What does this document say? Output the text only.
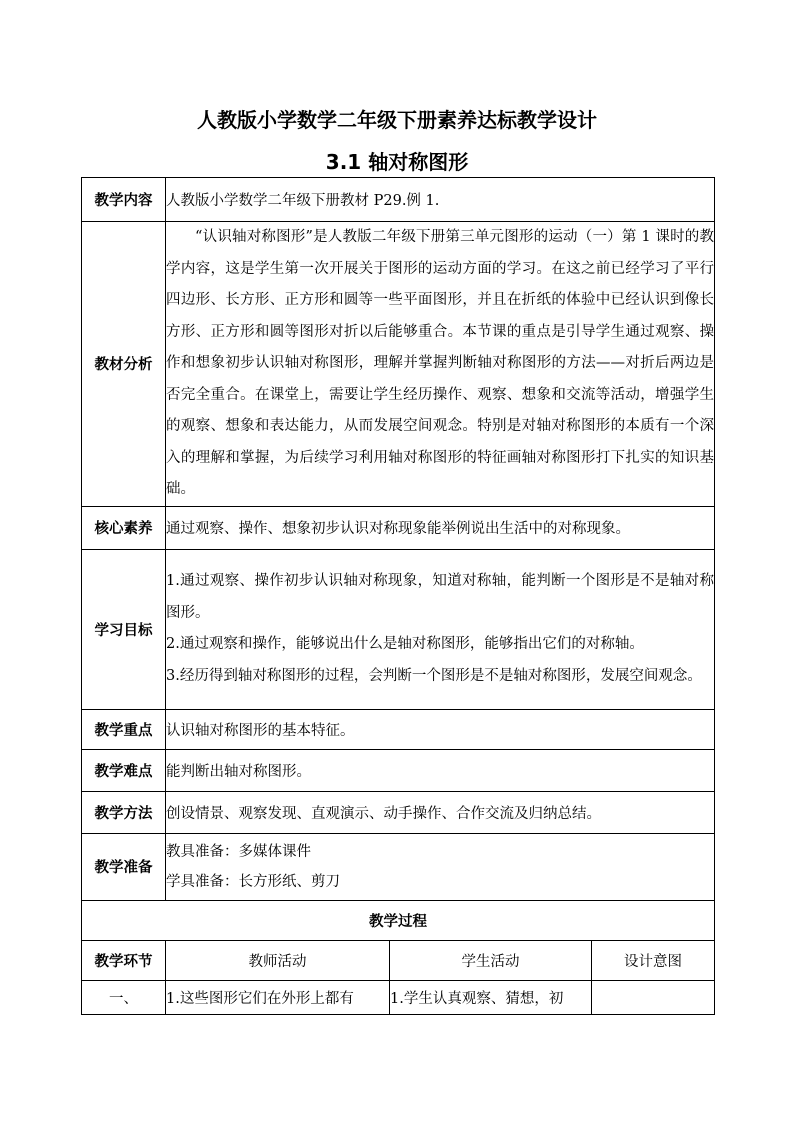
人教版小学数学二年级下册素养达标教学设计
3.1 轴对称图形
教学内容	人教版小学数学二年级下册教材 P29.例 1.		
教材分析	“认识轴对称图形”是人教版二年级下册第三单元图形的运动（一）第 1 课时的教学内容，这是学生第一次开展关于图形的运动方面的学习。在这之前已经学习了平行四边形、长方形、正方形和圆等一些平面图形，并且在折纸的体验中已经认识到像长方形、正方形和圆等图形对折以后能够重合。本节课的重点是引导学生通过观察、操作和想象初步认识轴对称图形，理解并掌握判断轴对称图形的方法——对折后两边是否完全重合。在课堂上，需要让学生经历操作、观察、想象和交流等活动，增强学生的观察、想象和表达能力，从而发展空间观念。特别是对轴对称图形的本质有一个深入的理解和掌握，为后续学习利用轴对称图形的特征画轴对称图形打下扎实的知识基础。		

核心素养	通过观察、操作、想象初步认识对称现象能举例说出生活中的对称现象。		
学习目标	1.通过观察、操作初步认识轴对称现象，知道对称轴，能判断一个图形是不是轴对称图形。
2.通过观察和操作，能够说出什么是轴对称图形，能够指出它们的对称轴。
3.经历得到轴对称图形的过程，会判断一个图形是不是轴对称图形，发展空间观念。		

教学重点	认识轴对称图形的基本特征。		
教学难点	能判断出轴对称图形。		
教学方法	创设情景、观察发现、直观演示、动手操作、合作交流及归纳总结。		
教学准备	教具准备：多媒体课件
学具准备：长方形纸、剪刀		

教学过程			
教学环节	教师活动	学生活动	设计意图
一、	1.这些图形它们在外形上都有	1.学生认真观察、猜想，初	
